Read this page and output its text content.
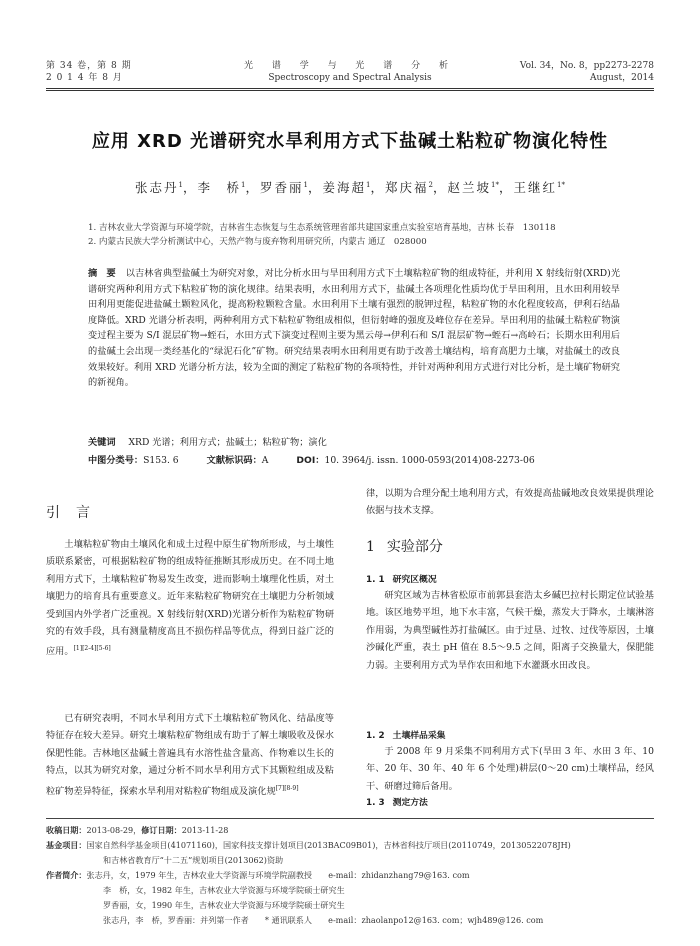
第 34 卷，第 8 期
2 0 1 4 年 8 月
光 谱 学 与 光 谱 分 析
Spectroscopy and Spectral Analysis
Vol. 34，No. 8，pp2273-2278
August，2014
应用 XRD 光谱研究水旱利用方式下盐碱土粘粒矿物演化特性
张志丹$^1$，李　桥$^1$，罗香丽$^1$，姜海超$^1$，郑庆福$^2$，赵兰坡$^{1*}$，王继红$^{1*}$
1. 吉林农业大学资源与环境学院，吉林省生态恢复与生态系统管理省部共建国家重点实验室培育基地，吉林 长春　130118
2. 内蒙古民族大学分析测试中心，天然产物与废弃物利用研究所，内蒙古 通辽　028000
摘　要 以吉林省典型盐碱土为研究对象，对比分析水田与旱田利用方式下土壤粘粒矿物的组成特征，并利用 X 射线衍射(XRD)光谱研究两种利用方式下粘粒矿物的演化规律。结果表明，水田利用方式下，盐碱土各项理化性质均优于旱田利用，且水田利用较旱田利用更能促进盐碱土颗粒风化，提高粉粒颗粒含量。水田利用下土壤有强烈的脱钾过程，粘粒矿物的水化程度较高，伊利石结晶度降低。XRD 光谱分析表明，两种利用方式下粘粒矿物组成相似，但衍射峰的强度及峰位存在差异。旱田利用的盐碱土粘粒矿物演变过程主要为 S/I 混层矿物→蛭石，水田方式下演变过程则主要为黑云母→伊利石和 S/I 混层矿物→蛭石→高岭石；长期水田利用后的盐碱土会出现一类经基化的“绿泥石化”矿物。研究结果表明水田利用更有助于改善土壤结构，培育高肥力土壤，对盐碱土的改良效果较好。利用 XRD 光谱分析方法，较为全面的测定了粘粒矿物的各项特性，并针对两种利用方式进行对比分析，是土壤矿物研究的新视角。
关键词 XRD 光谱；利用方式；盐碱土；粘粒矿物；演化
中图分类号：S153. 6	文献标识码：A	DOI：10. 3964/j. issn. 1000-0593(2014)08-2273-06
引言
土壤粘粒矿物由土壤风化和成土过程中原生矿物所形成，与土壤性质联系紧密，可根据粘粒矿物的组成特征推断其形成历史。在不同土地利用方式下，土壤粘粒矿物易发生改变，进而影响土壤理化性质，对土壤肥力的培育具有重要意义。近年来粘粒矿物研究在土壤肥力分析领域受到国内外学者广泛重视。X 射线衍射(XRD)光谱分析作为粘粒矿物研究的有效手段，具有测量精度高且不损伤样品等优点，得到日益广泛的应用。[1][2-4][5-6]
已有研究表明，不同水旱利用方式下土壤粘粒矿物风化、结晶度等特征存在较大差异。研究土壤粘粒矿物组成有助于了解土壤吸收及保水保肥性能。吉林地区盐碱土普遍具有水溶性盐含量高、作物难以生长的特点，以其为研究对象，通过分析不同水旱利用方式下其颗粒组成及粘粒矿物差异特征，探索水旱利用对粘粒矿物组成及演化规[7][8-9]
律，以期为合理分配土地利用方式，有效提高盐碱地改良效果提供理论依据与技术支撑。
1 实验部分
1. 1 研究区概况
研究区域为吉林省松原市前郭县套浩太乡碱巴拉村长期定位试验基地。该区地势平坦，地下水丰富，气候干燥，蒸发大于降水，土壤淋溶作用弱，为典型碱性苏打盐碱区。由于过垦、过牧、过伐等原因，土壤沙碱化严重，表土 pH 值在 8.5～9.5 之间，阳离子交换量大，保肥能力弱。主要利用方式为旱作农田和地下水灌溉水田改良。
1. 2 土壤样品采集
于 2008 年 9 月采集不同利用方式下(旱田 3 年、水田 3 年、10 年、20 年、30 年、40 年 6 个处理)耕层(0～20 cm)土壤样品，经风干、研磨过筛后备用。
1. 3 测定方法
收稿日期：2013-08-29，修订日期：2013-11-28
基金项目：国家自然科学基金项目(41071160)，国家科技支撑计划项目(2013BAC09B01)，吉林省科技厅项目(20110749，20130522078JH)
和吉林省教育厅“十二五”规划项目(2013062)资助
作者简介：张志丹，女，1979 年生，吉林农业大学资源与环境学院副教授　　e-mail：zhidanzhang79@163. com
李　桥，女，1982 年生，吉林农业大学资源与环境学院硕士研究生
罗香丽，女，1990 年生，吉林农业大学资源与环境学院硕士研究生
张志丹，李　桥，罗香丽：并列第一作者　　* 通讯联系人　　e-mail：zhaolanpo12@163. com；wjh489@126. com
